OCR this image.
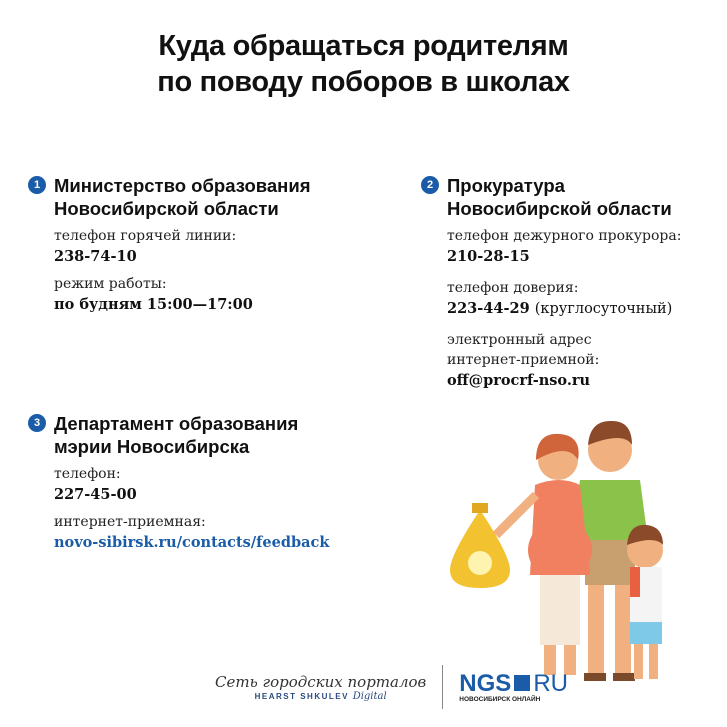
Куда обращаться родителям
по поводу поборов в школах
1 Министерство образования
Новосибирской области
телефон горячей линии:
238-74-10
режим работы:
по будням 15:00—17:00
2 Прокуратура
Новосибирской области
телефон дежурного прокурора:
210-28-15
телефон доверия:
223-44-29 (круглосуточный)
электронный адрес
интернет-приемной:
off@procrf-nso.ru
3 Департамент образования
мэрии Новосибирска
телефон:
227-45-00
интернет-приемная:
novo-sibirsk.ru/contacts/feedback
Сеть городских порталов
HEARST SHKULEV Digital	NGS RU
НОВОСИБИРСК ОНЛАЙН
